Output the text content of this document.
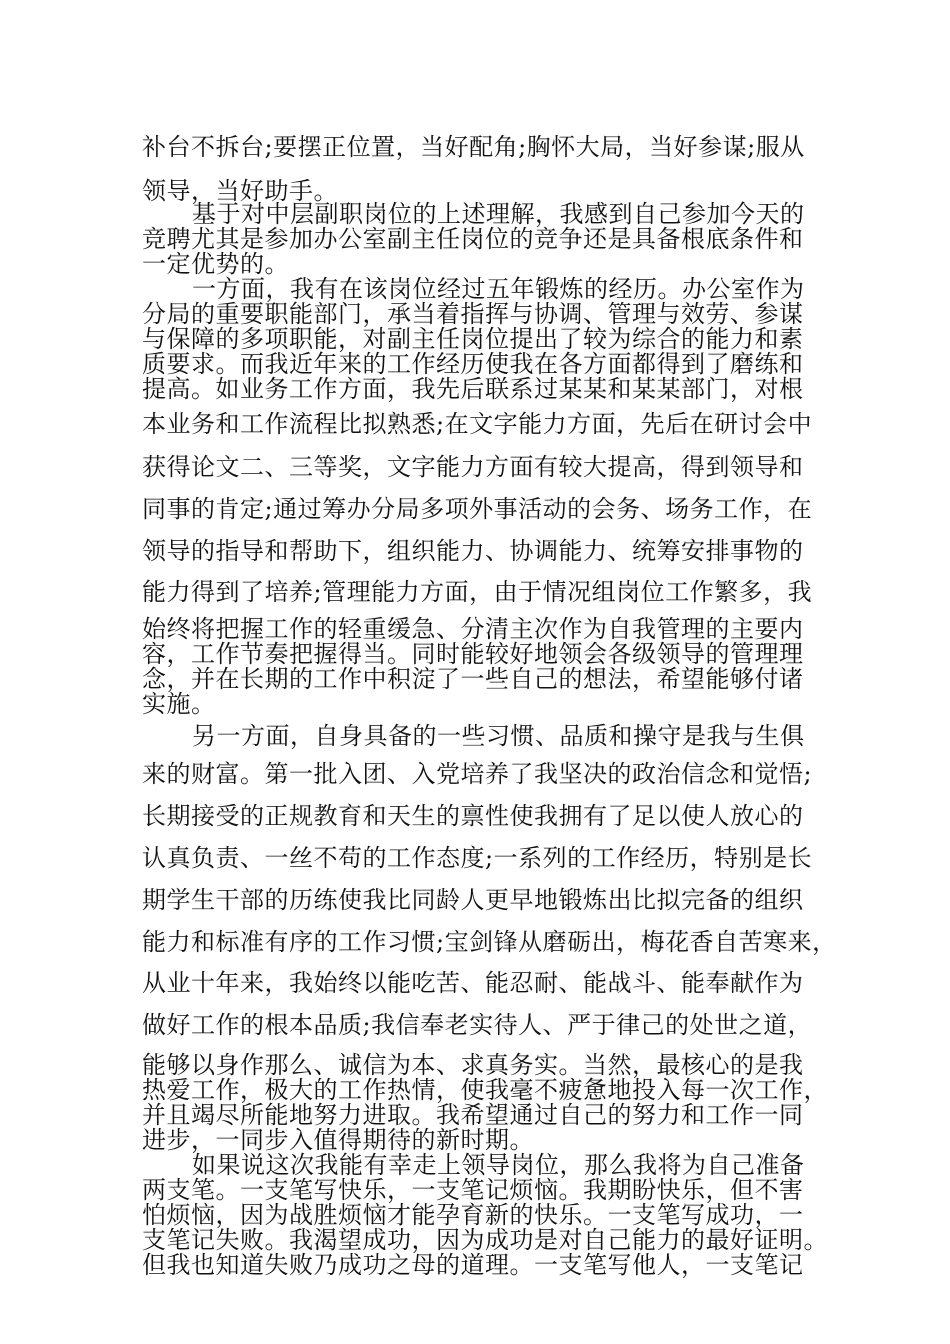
补台不拆台;要摆正位置，当好配角;胸怀大局，当好参谋;服从

领导，当好助手。

基于对中层副职岗位的上述理解，我感到自己参加今天的

竞聘尤其是参加办公室副主任岗位的竞争还是具备根底条件和

一定优势的。

一方面，我有在该岗位经过五年锻炼的经历。办公室作为

分局的重要职能部门，承当着指挥与协调、管理与效劳、参谋

与保障的多项职能，对副主任岗位提出了较为综合的能力和素

质要求。而我近年来的工作经历使我在各方面都得到了磨练和

提高。如业务工作方面，我先后联系过某某和某某部门，对根

本业务和工作流程比拟熟悉;在文字能力方面，先后在研讨会中

获得论文二、三等奖，文字能力方面有较大提高，得到领导和

同事的肯定;通过筹办分局多项外事活动的会务、场务工作，在

领导的指导和帮助下，组织能力、协调能力、统筹安排事物的

能力得到了培养;管理能力方面，由于情况组岗位工作繁多，我

始终将把握工作的轻重缓急、分清主次作为自我管理的主要内

容，工作节奏把握得当。同时能较好地领会各级领导的管理理

念，并在长期的工作中积淀了一些自己的想法，希望能够付诸

实施。

另一方面，自身具备的一些习惯、品质和操守是我与生俱

来的财富。第一批入团、入党培养了我坚决的政治信念和觉悟;

长期接受的正规教育和天生的禀性使我拥有了足以使人放心的

认真负责、一丝不苟的工作态度;一系列的工作经历，特别是长

期学生干部的历练使我比同龄人更早地锻炼出比拟完备的组织

能力和标准有序的工作习惯;宝剑锋从磨砺出，梅花香自苦寒来，

从业十年来，我始终以能吃苦、能忍耐、能战斗、能奉献作为

做好工作的根本品质;我信奉老实待人、严于律己的处世之道，

能够以身作那么、诚信为本、求真务实。当然，最核心的是我

热爱工作，极大的工作热情，使我毫不疲惫地投入每一次工作，

并且竭尽所能地努力进取。我希望通过自己的努力和工作一同

进步，一同步入值得期待的新时期。

如果说这次我能有幸走上领导岗位，那么我将为自己准备

两支笔。一支笔写快乐，一支笔记烦恼。我期盼快乐，但不害

怕烦恼，因为战胜烦恼才能孕育新的快乐。一支笔写成功，一

支笔记失败。我渴望成功，因为成功是对自己能力的最好证明。

但我也知道失败乃成功之母的道理。一支笔写他人，一支笔记
